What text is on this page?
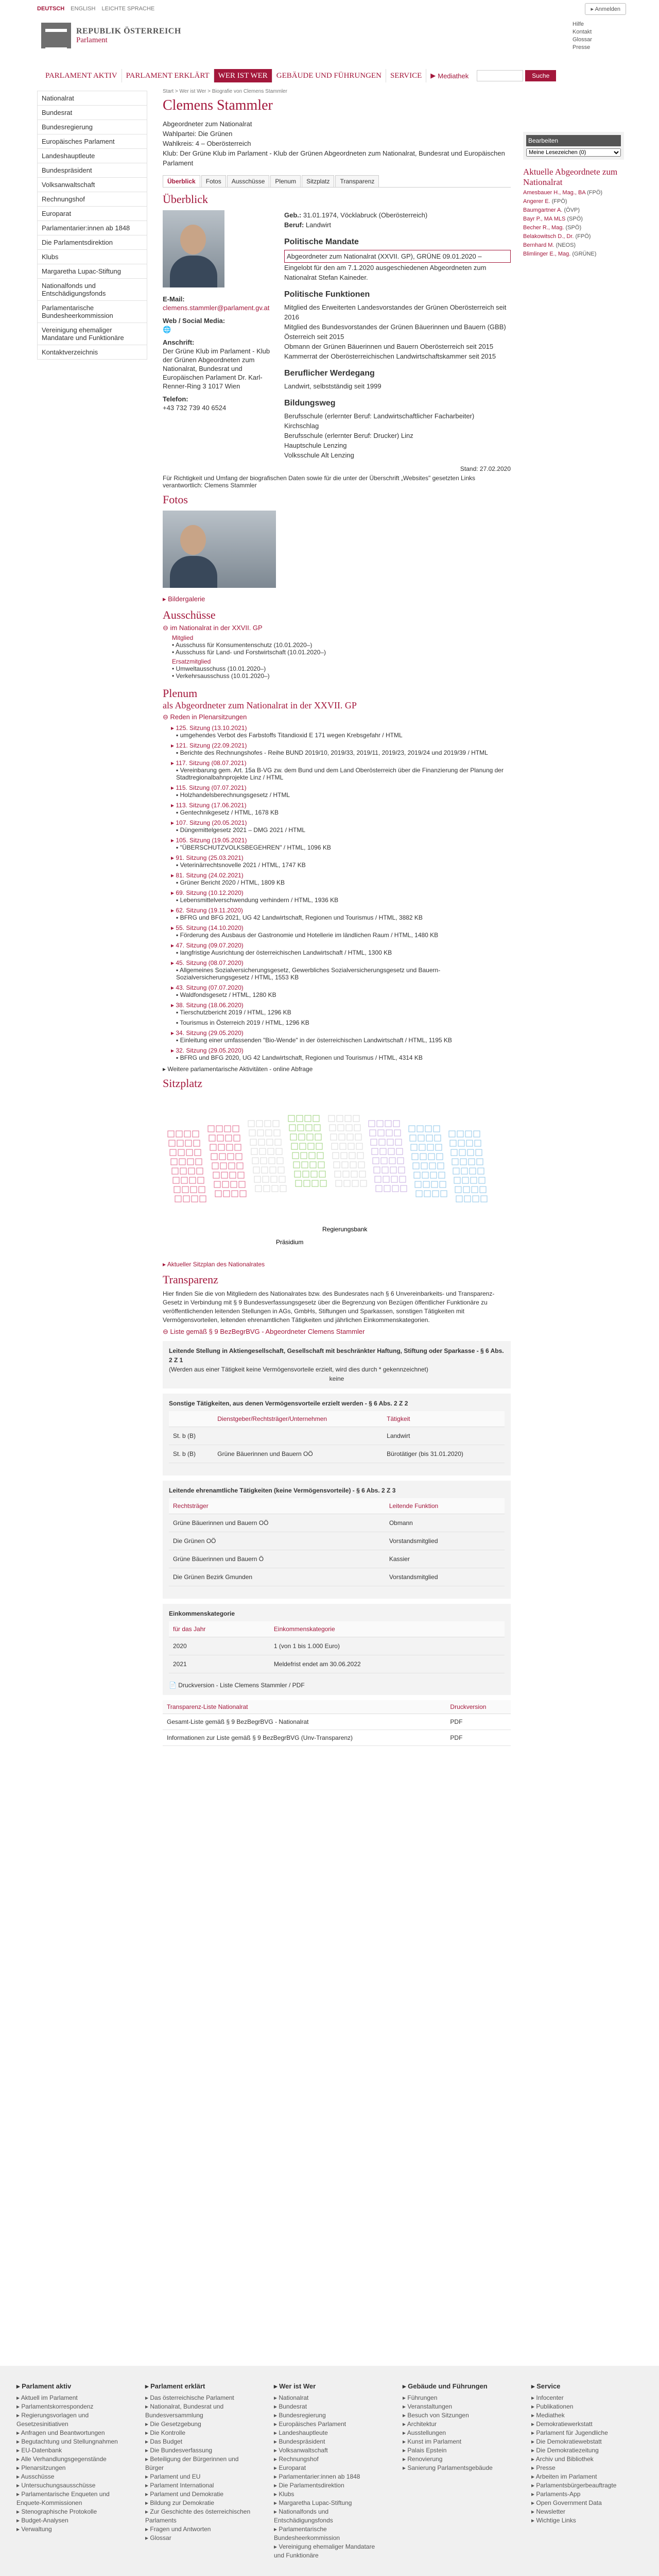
DEUTSCH ENGLISH LEICHTE SPRACHE	▸ Anmelden
REPUBLIK ÖSTERREICH
Parlament
Hilfe
Kontakt
Glossar
Presse
PARLAMENT AKTIV	PARLAMENT ERKLÄRT	WER IST WER	GEBÄUDE UND FÜHRUNGEN	SERVICE	▶ Mediathek	Suche
Nationalrat
Bundesrat
Bundesregierung
Europäisches Parlament
Landeshauptleute
Bundespräsident
Volksanwaltschaft
Rechnungshof
Europarat
Parlamentarier:innen ab 1848
Die Parlamentsdirektion
Klubs
Margaretha Lupac-Stiftung
Nationalfonds und Entschädigungsfonds
Parlamentarische Bundesheerkommission
Vereinigung ehemaliger Mandatare und Funktionäre
Kontaktverzeichnis
Start > Wer ist Wer > Biografie von Clemens Stammler
Clemens Stammler
Abgeordneter zum Nationalrat
Wahlpartei: Die Grünen
Wahlkreis: 4 – Oberösterreich
Klub: Der Grüne Klub im Parlament - Klub der Grünen Abgeordneten zum Nationalrat, Bundesrat und Europäischen Parlament
Überblick	Fotos	Ausschüsse	Plenum	Sitzplatz	Transparenz
Überblick
E-Mail:
clemens.stammler@parlament.gv.at
Web / Social Media:
🌐
Anschrift:
Der Grüne Klub im Parlament - Klub der Grünen Abgeordneten zum Nationalrat, Bundesrat und Europäischen Parlament Dr. Karl-Renner-Ring 3 1017 Wien
Telefon:
+43 732 739 40 6524
Geb.: 31.01.1974, Vöcklabruck (Oberösterreich)
Beruf: Landwirt
Politische Mandate
Abgeordneter zum Nationalrat (XXVII. GP), GRÜNE 09.01.2020 –
Eingelobt für den am 7.1.2020 ausgeschiedenen Abgeordneten zum Nationalrat Stefan Kaineder.
Politische Funktionen
Mitglied des Erweiterten Landesvorstandes der Grünen Oberösterreich seit 2016
Mitglied des Bundesvorstandes der Grünen Bäuerinnen und Bauern (GBB) Österreich seit 2015
Obmann der Grünen Bäuerinnen und Bauern Oberösterreich seit 2015
Kammerrat der Oberösterreichischen Landwirtschaftskammer seit 2015
Beruflicher Werdegang
Landwirt, selbstständig seit 1999
Bildungsweg
Berufsschule (erlernter Beruf: Landwirtschaftlicher Facharbeiter) Kirchschlag
Berufsschule (erlernter Beruf: Drucker) Linz
Hauptschule Lenzing
Volksschule Alt Lenzing
Stand: 27.02.2020
Für Richtigkeit und Umfang der biografischen Daten sowie für die unter der Überschrift „Websites" gesetzten Links verantwortlich: Clemens Stammler
Fotos
▸ Bildergalerie
Ausschüsse
⊖ im Nationalrat in der XXVII. GP
Mitglied
• Ausschuss für Konsumentenschutz (10.01.2020–)
• Ausschuss für Land- und Forstwirtschaft (10.01.2020–)
Ersatzmitglied
• Umweltausschuss (10.01.2020–)
• Verkehrsausschuss (10.01.2020–)
Plenum
als Abgeordneter zum Nationalrat in der XXVII. GP
⊖ Reden in Plenarsitzungen
▸ 125. Sitzung (13.10.2021)
▪ umgehendes Verbot des Farbstoffs Titandioxid E 171 wegen Krebsgefahr / HTML
▸ 121. Sitzung (22.09.2021)
▪ Berichte des Rechnungshofes - Reihe BUND 2019/10, 2019/33, 2019/11, 2019/23, 2019/24 und 2019/39 / HTML
▸ 117. Sitzung (08.07.2021)
▪ Vereinbarung gem. Art. 15a B-VG zw. dem Bund und dem Land Oberösterreich über die Finanzierung der Planung der Stadtregionalbahnprojekte Linz / HTML
▸ 115. Sitzung (07.07.2021)
▪ Holzhandelsberechnungsgesetz / HTML
▸ 113. Sitzung (17.06.2021)
▪ Gentechnikgesetz / HTML, 1678 KB
▸ 107. Sitzung (20.05.2021)
▪ Düngemittelgesetz 2021 – DMG 2021 / HTML
▸ 105. Sitzung (19.05.2021)
▪ "ÜBERSCHUTZVOLKSBEGEHREN" / HTML, 1096 KB
▸ 91. Sitzung (25.03.2021)
▪ Veterinärrechtsnovelle 2021 / HTML, 1747 KB
▸ 81. Sitzung (24.02.2021)
▪ Grüner Bericht 2020 / HTML, 1809 KB
▸ 69. Sitzung (10.12.2020)
▪ Lebensmittelverschwendung verhindern / HTML, 1936 KB
▸ 62. Sitzung (19.11.2020)
▪ BFRG und BFG 2021, UG 42 Landwirtschaft, Regionen und Tourismus / HTML, 3882 KB
▸ 55. Sitzung (14.10.2020)
▪ Förderung des Ausbaus der Gastronomie und Hotellerie im ländlichen Raum / HTML, 1480 KB
▸ 47. Sitzung (09.07.2020)
▪ langfristige Ausrichtung der österreichischen Landwirtschaft / HTML, 1300 KB
▸ 45. Sitzung (08.07.2020)
▪ Allgemeines Sozialversicherungsgesetz, Gewerbliches Sozialversicherungsgesetz und Bauern-Sozialversicherungsgesetz / HTML, 1553 KB
▸ 43. Sitzung (07.07.2020)
▪ Waldfondsgesetz / HTML, 1280 KB
▸ 38. Sitzung (18.06.2020)
▪ Tierschutzbericht 2019 / HTML, 1296 KB
▪ Tourismus in Österreich 2019 / HTML, 1296 KB
▸ 34. Sitzung (29.05.2020)
▪ Einleitung einer umfassenden "Bio-Wende" in der österreichischen Landwirtschaft / HTML, 1195 KB
▸ 32. Sitzung (29.05.2020)
▪ BFRG und BFG 2020, UG 42 Landwirtschaft, Regionen und Tourismus / HTML, 4314 KB
▸ Weitere parlamentarische Aktivitäten - online Abfrage
Sitzplatz
Regierungsbank
Präsidium
▸ Aktueller Sitzplan des Nationalrates
Transparenz
Hier finden Sie die von Mitgliedern des Nationalrates bzw. des Bundesrates nach § 6 Unvereinbarkeits- und Transparenz-Gesetz in Verbindung mit § 9 Bundesverfassungsgesetz über die Begrenzung von Bezügen öffentlicher Funktionäre zu veröffentlichenden leitenden Stellungen in AGs, GmbHs, Stiftungen und Sparkassen, sonstigen Tätigkeiten mit Vermögensvorteilen, leitenden ehrenamtlichen Tätigkeiten und jährlichen Einkommenskategorien.
⊖ Liste gemäß § 9 BezBegrBVG - Abgeordneter Clemens Stammler
Leitende Stellung in Aktiengesellschaft, Gesellschaft mit beschränkter Haftung, Stiftung oder Sparkasse - § 6 Abs. 2 Z 1
(Werden aus einer Tätigkeit keine Vermögensvorteile erzielt, wird dies durch * gekennzeichnet)
keine
Sonstige Tätigkeiten, aus denen Vermögensvorteile erzielt werden - § 6 Abs. 2 Z 2
	Dienstgeber/Rechtsträger/Unternehmen	Tätigkeit
St. b (B)		Landwirt
St. b (B)	Grüne Bäuerinnen und Bauern OÖ	Bürotätiger (bis 31.01.2020)
Leitende ehrenamtliche Tätigkeiten (keine Vermögensvorteile) - § 6 Abs. 2 Z 3
Rechtsträger	Leitende Funktion
Grüne Bäuerinnen und Bauern OÖ	Obmann
Die Grünen OÖ	Vorstandsmitglied
Grüne Bäuerinnen und Bauern Ö	Kassier
Die Grünen Bezirk Gmunden	Vorstandsmitglied
Einkommenskategorie
für das Jahr	Einkommenskategorie
2020	1 (von 1 bis 1.000 Euro)
2021	Meldefrist endet am 30.06.2022
📄 Druckversion - Liste Clemens Stammler / PDF
Transparenz-Liste Nationalrat	Druckversion
Gesamt-Liste gemäß § 9 BezBegrBVG - Nationalrat	PDF
Informationen zur Liste gemäß § 9 BezBegrBVG (Unv-Transparenz)	PDF
Bearbeiten
Meine Lesezeichen (0)
Aktuelle Abgeordnete zum Nationalrat
Amesbauer H., Mag., BA (FPÖ)
Angerer E. (FPÖ)
Baumgartner A. (ÖVP)
Bayr P., MA MLS (SPÖ)
Becher R., Mag. (SPÖ)
Belakowitsch D., Dr. (FPÖ)
Bernhard M. (NEOS)
Blimlinger E., Mag. (GRÜNE)
▸ Parlament aktiv
▸ Aktuell im Parlament
▸ Parlamentskorrespondenz
▸ Regierungsvorlagen und Gesetzesinitiativen
▸ Anfragen und Beantwortungen
▸ Begutachtung und Stellungnahmen
▸ EU-Datenbank
▸ Alle Verhandlungsgegenstände
▸ Plenarsitzungen
▸ Ausschüsse
▸ Untersuchungsausschüsse
▸ Parlamentarische Enqueten und Enquete-Kommissionen
▸ Stenographische Protokolle
▸ Budget-Analysen
▸ Verwaltung
▸ Parlament erklärt
▸ Das österreichische Parlament
▸ Nationalrat, Bundesrat und Bundesversammlung
▸ Die Gesetzgebung
▸ Die Kontrolle
▸ Das Budget
▸ Die Bundesverfassung
▸ Beteiligung der Bürgerinnen und Bürger
▸ Parlament und EU
▸ Parlament International
▸ Parlament und Demokratie
▸ Bildung zur Demokratie
▸ Zur Geschichte des österreichischen Parlaments
▸ Fragen und Antworten
▸ Glossar
▸ Wer ist Wer
▸ Nationalrat
▸ Bundesrat
▸ Bundesregierung
▸ Europäisches Parlament
▸ Landeshauptleute
▸ Bundespräsident
▸ Volksanwaltschaft
▸ Rechnungshof
▸ Europarat
▸ Parlamentarier:innen ab 1848
▸ Die Parlamentsdirektion
▸ Klubs
▸ Margaretha Lupac-Stiftung
▸ Nationalfonds und Entschädigungsfonds
▸ Parlamentarische Bundesheerkommission
▸ Vereinigung ehemaliger Mandatare und Funktionäre
▸ Gebäude und Führungen
▸ Führungen
▸ Veranstaltungen
▸ Besuch von Sitzungen
▸ Architektur
▸ Ausstellungen
▸ Kunst im Parlament
▸ Palais Epstein
▸ Renovierung
▸ Sanierung Parlamentsgebäude
▸ Service
▸ Infocenter
▸ Publikationen
▸ Mediathek
▸ Demokratiewerkstatt
▸ Parlament für Jugendliche
▸ Die Demokratiewebstatt
▸ Die Demokratiezeitung
▸ Archiv und Bibliothek
▸ Presse
▸ Arbeiten im Parlament
▸ Parlamentsbürgerbeauftragte
▸ Parlaments-App
▸ Open Government Data
▸ Newsletter
▸ Wichtige Links
